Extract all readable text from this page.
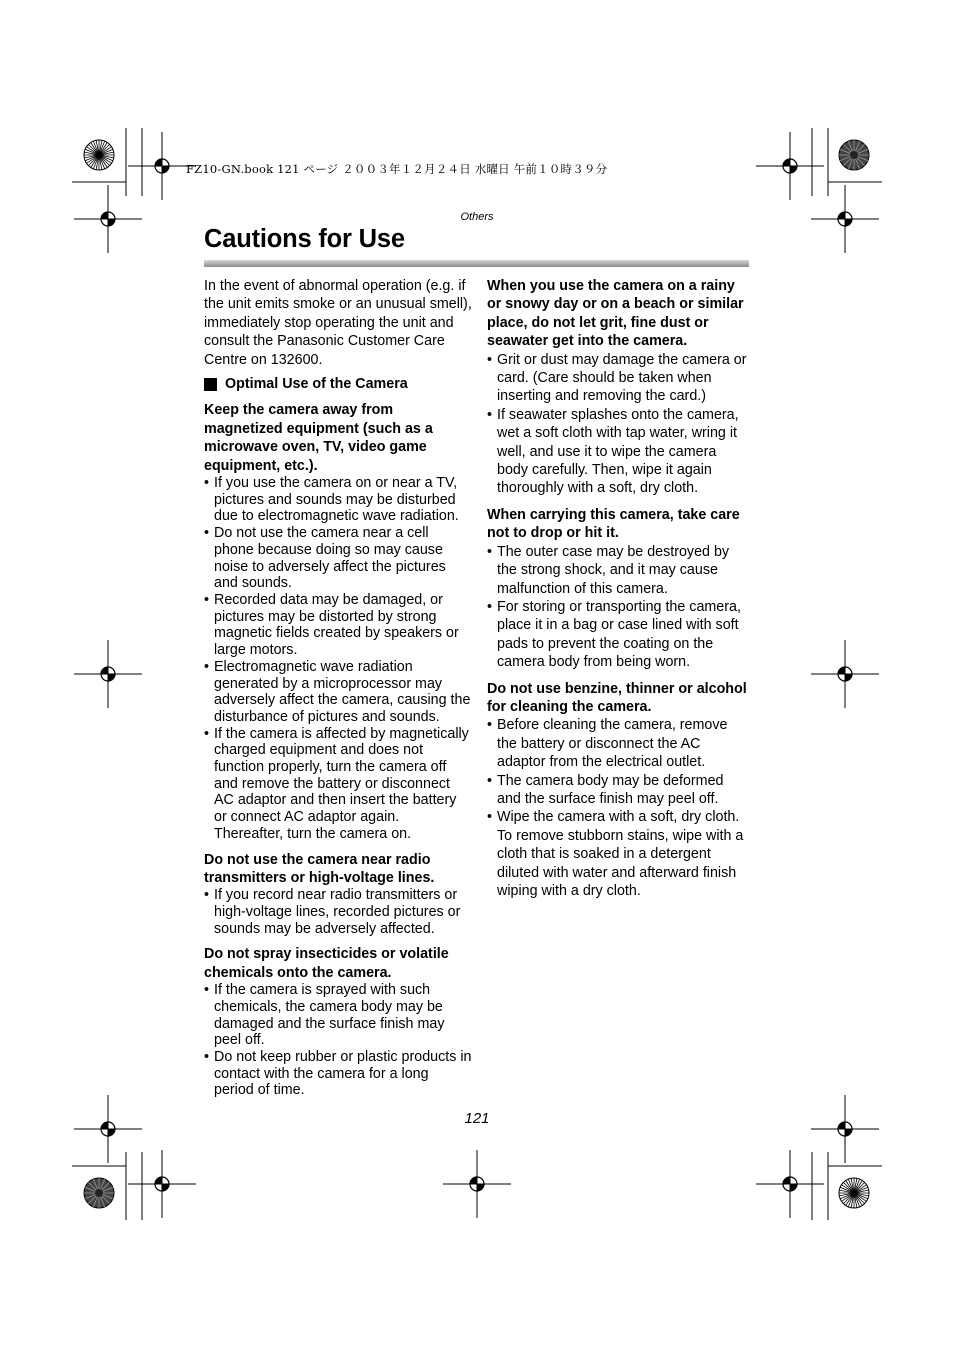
FZ10-GN.book 121 ページ ２００３年１２月２４日 水曜日 午前１０時３９分
Others
Cautions for Use

In the event of abnormal operation (e.g. if the unit emits smoke or an unusual smell), immediately stop operating the unit and consult the Panasonic Customer Care Centre on 132600.

Optimal Use of the Camera

Keep the camera away from magnetized equipment (such as a microwave oven, TV, video game equipment, etc.).

• If you use the camera on or near a TV, pictures and sounds may be disturbed due to electromagnetic wave radiation.
• Do not use the camera near a cell phone because doing so may cause noise to adversely affect the pictures and sounds.
• Recorded data may be damaged, or pictures may be distorted by strong magnetic fields created by speakers or large motors.
• Electromagnetic wave radiation generated by a microprocessor may adversely affect the camera, causing the disturbance of pictures and sounds.
• If the camera is affected by magnetically charged equipment and does not function properly, turn the camera off and remove the battery or disconnect AC adaptor and then insert the battery or connect AC adaptor again. Thereafter, turn the camera on.

Do not use the camera near radio transmitters or high-voltage lines.

• If you record near radio transmitters or high-voltage lines, recorded pictures or sounds may be adversely affected.

Do not spray insecticides or volatile chemicals onto the camera.

• If the camera is sprayed with such chemicals, the camera body may be damaged and the surface finish may peel off.
• Do not keep rubber or plastic products in contact with the camera for a long period of time.

When you use the camera on a rainy or snowy day or on a beach or similar place, do not let grit, fine dust or seawater get into the camera.

• Grit or dust may damage the camera or card. (Care should be taken when inserting and removing the card.)
• If seawater splashes onto the camera, wet a soft cloth with tap water, wring it well, and use it to wipe the camera body carefully. Then, wipe it again thoroughly with a soft, dry cloth.

When carrying this camera, take care not to drop or hit it.

• The outer case may be destroyed by the strong shock, and it may cause malfunction of this camera.
• For storing or transporting the camera, place it in a bag or case lined with soft pads to prevent the coating on the camera body from being worn.

Do not use benzine, thinner or alcohol for cleaning the camera.

• Before cleaning the camera, remove the battery or disconnect the AC adaptor from the electrical outlet.
• The camera body may be deformed and the surface finish may peel off.
• Wipe the camera with a soft, dry cloth. To remove stubborn stains, wipe with a cloth that is soaked in a detergent diluted with water and afterward finish wiping with a dry cloth.
121
